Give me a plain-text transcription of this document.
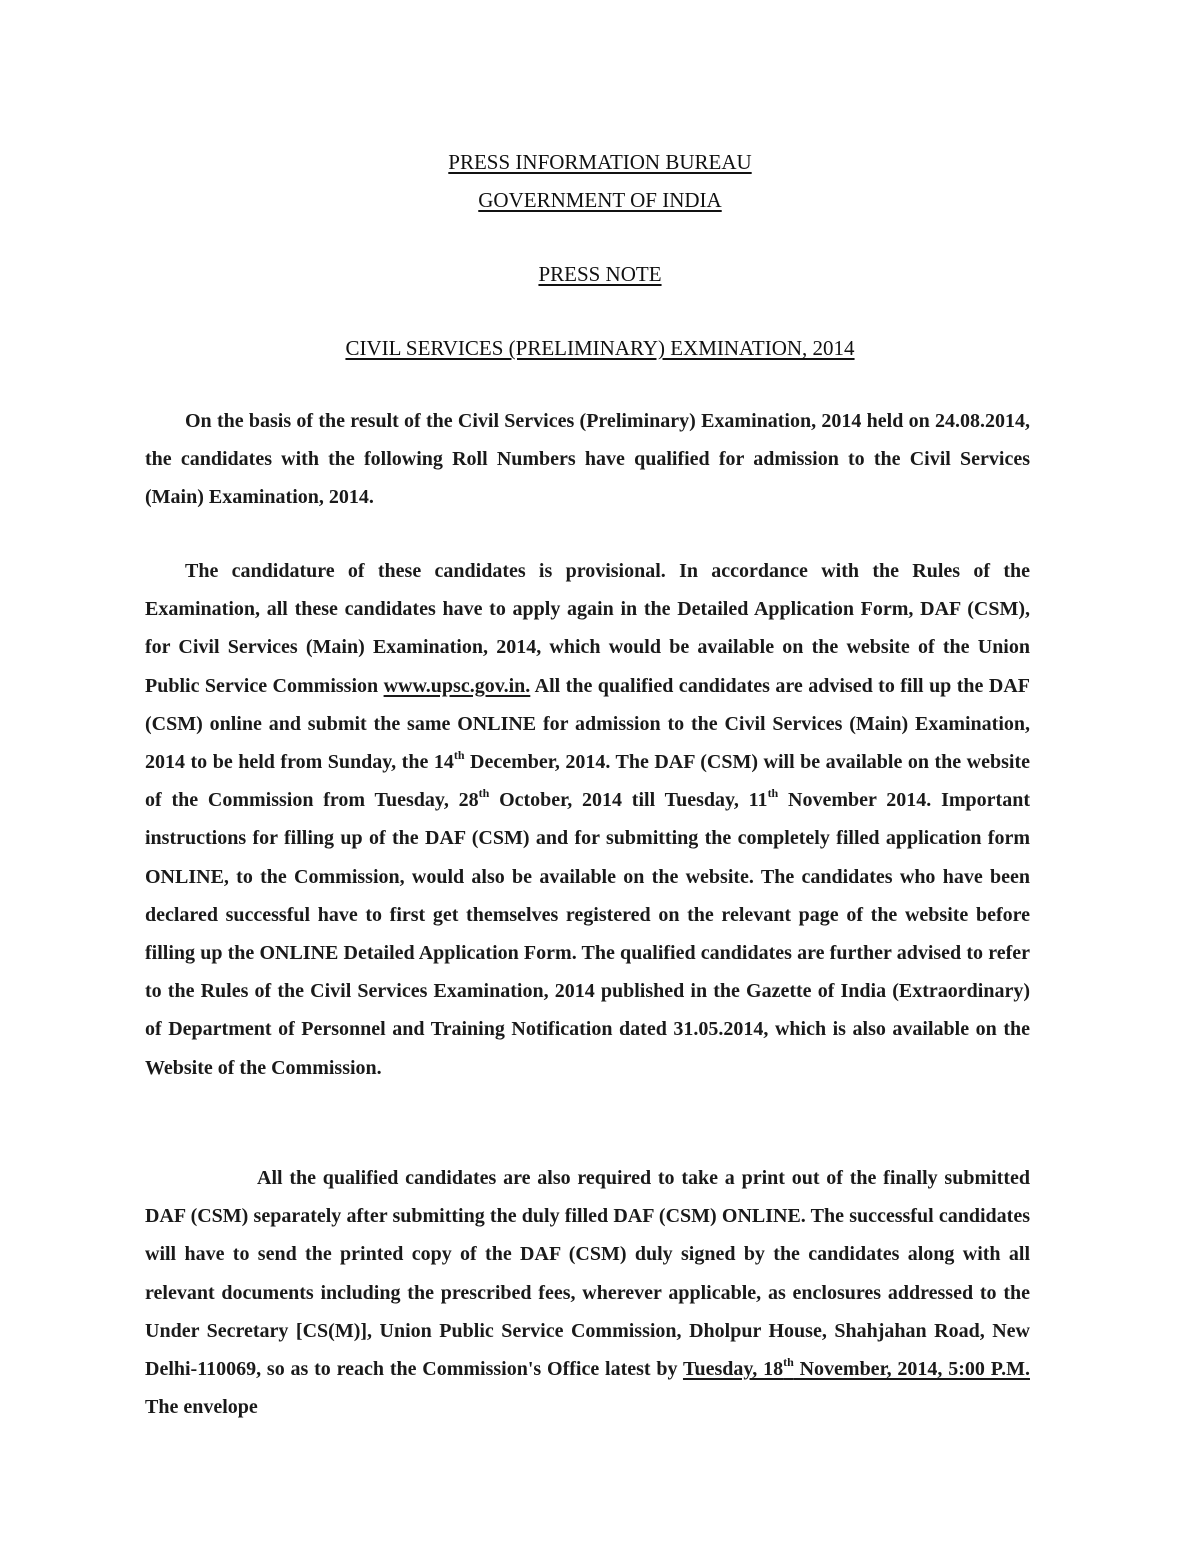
PRESS INFORMATION BUREAU
GOVERNMENT OF INDIA
PRESS NOTE
CIVIL SERVICES (PRELIMINARY) EXMINATION, 2014

On the basis of the result of the Civil Services (Preliminary) Examination, 2014 held on 24.08.2014, the candidates with the following Roll Numbers have qualified for admission to the Civil Services (Main) Examination, 2014.

The candidature of these candidates is provisional. In accordance with the Rules of the Examination, all these candidates have to apply again in the Detailed Application Form, DAF (CSM), for Civil Services (Main) Examination, 2014, which would be available on the website of the Union Public Service Commission www.upsc.gov.in. All the qualified candidates are advised to fill up the DAF (CSM) online and submit the same ONLINE for admission to the Civil Services (Main) Examination, 2014 to be held from Sunday, the 14th December, 2014. The DAF (CSM) will be available on the website of the Commission from Tuesday, 28th October, 2014 till Tuesday, 11th November 2014. Important instructions for filling up of the DAF (CSM) and for submitting the completely filled application form ONLINE, to the Commission, would also be available on the website. The candidates who have been declared successful have to first get themselves registered on the relevant page of the website before filling up the ONLINE Detailed Application Form. The qualified candidates are further advised to refer to the Rules of the Civil Services Examination, 2014 published in the Gazette of India (Extraordinary) of Department of Personnel and Training Notification dated 31.05.2014, which is also available on the Website of the Commission.

All the qualified candidates are also required to take a print out of the finally submitted DAF (CSM) separately after submitting the duly filled DAF (CSM) ONLINE. The successful candidates will have to send the printed copy of the DAF (CSM) duly signed by the candidates along with all relevant documents including the prescribed fees, wherever applicable, as enclosures addressed to the Under Secretary [CS(M)], Union Public Service Commission, Dholpur House, Shahjahan Road, New Delhi-110069, so as to reach the Commission's Office latest by Tuesday, 18th November, 2014, 5:00 P.M. The envelope
